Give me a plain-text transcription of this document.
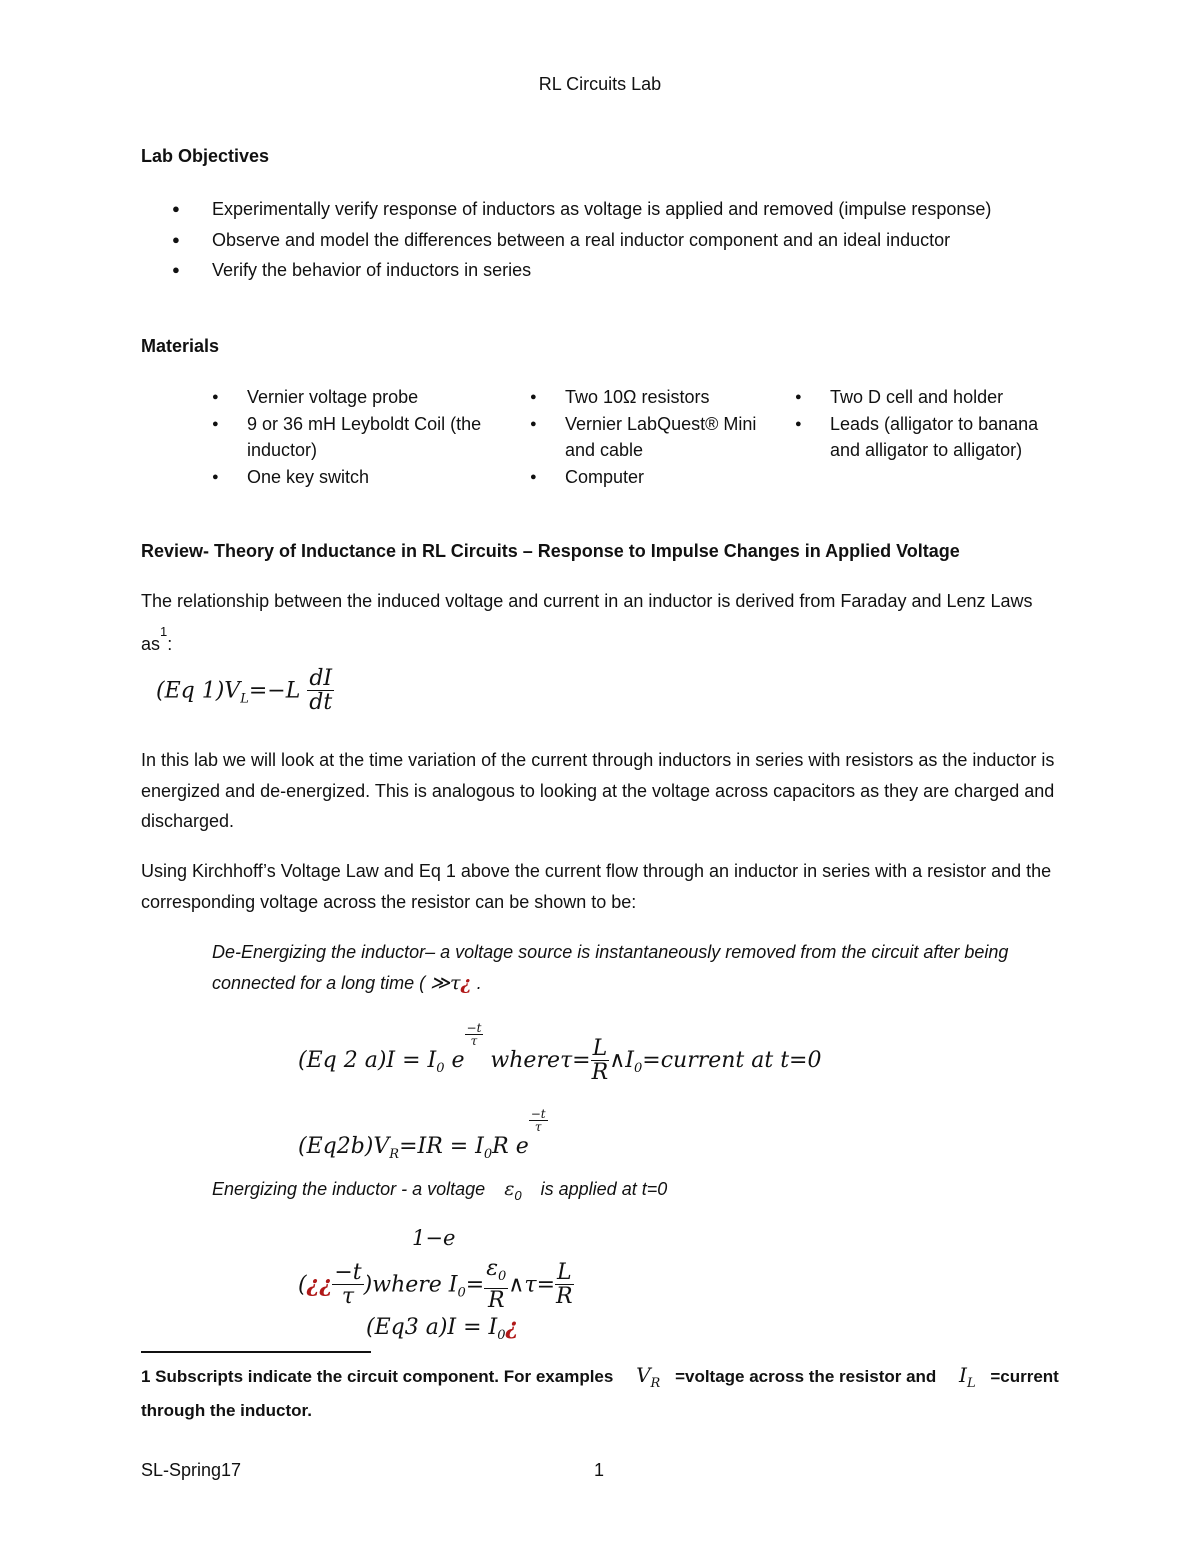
RL Circuits Lab
Lab Objectives
● Experimentally verify response of inductors as voltage is applied and removed (impulse response)
● Observe and model the differences between a real inductor component and an ideal inductor
● Verify the behavior of inductors in series
Materials
● Vernier voltage probe
● 9 or 36 mH Leyboldt Coil (the inductor)
● One key switch
● Two 10Ω resistors
● Vernier LabQuest® Mini and cable
● Computer
● Two D cell and holder
● Leads (alligator to banana and alligator to alligator)
Review- Theory of Inductance in RL Circuits – Response to Impulse Changes in Applied Voltage
The relationship between the induced voltage and current in an inductor is derived from Faraday and Lenz Laws $as^1$:
(Eq $1)V_L=-L \frac{dI}{dt}$
In this lab we will look at the time variation of the current through inductors in series with resistors as the inductor is energized and de-energized. This is analogous to looking at the voltage across capacitors as they are charged and discharged.
Using Kirchhoff’s Voltage Law and Eq 1 above the current flow through an inductor in series with a resistor and the corresponding voltage across the resistor can be shown to be:
De-Energizing the inductor– a voltage source is instantaneously removed from the circuit after being connected for a long time ( ≫τ¿ .
(Eq 2 $a)I = I_0$ e
$\frac{-t}{\tau}$
whereτ= $\frac{L}{R}$ $\wedge I_0=current$ at t=0
$(Eq2b)V_R=IR = I_0R$ e
$\frac{-t}{\tau}$
Energizing the inductor - a voltage $\varepsilon_0$ is applied at t=0
1−e
(¿¿ $\frac{-t}{\tau}$ )where $I_0= \frac{\varepsilon_0}{R}$ ∧τ= $\frac{L}{R}$
(Eq3 $a)I = I_0¿$
1 Subscripts indicate the circuit component. For examples $V_R$ =voltage across the resistor and $I_L$ =current through the inductor.
SL-Spring17	1
